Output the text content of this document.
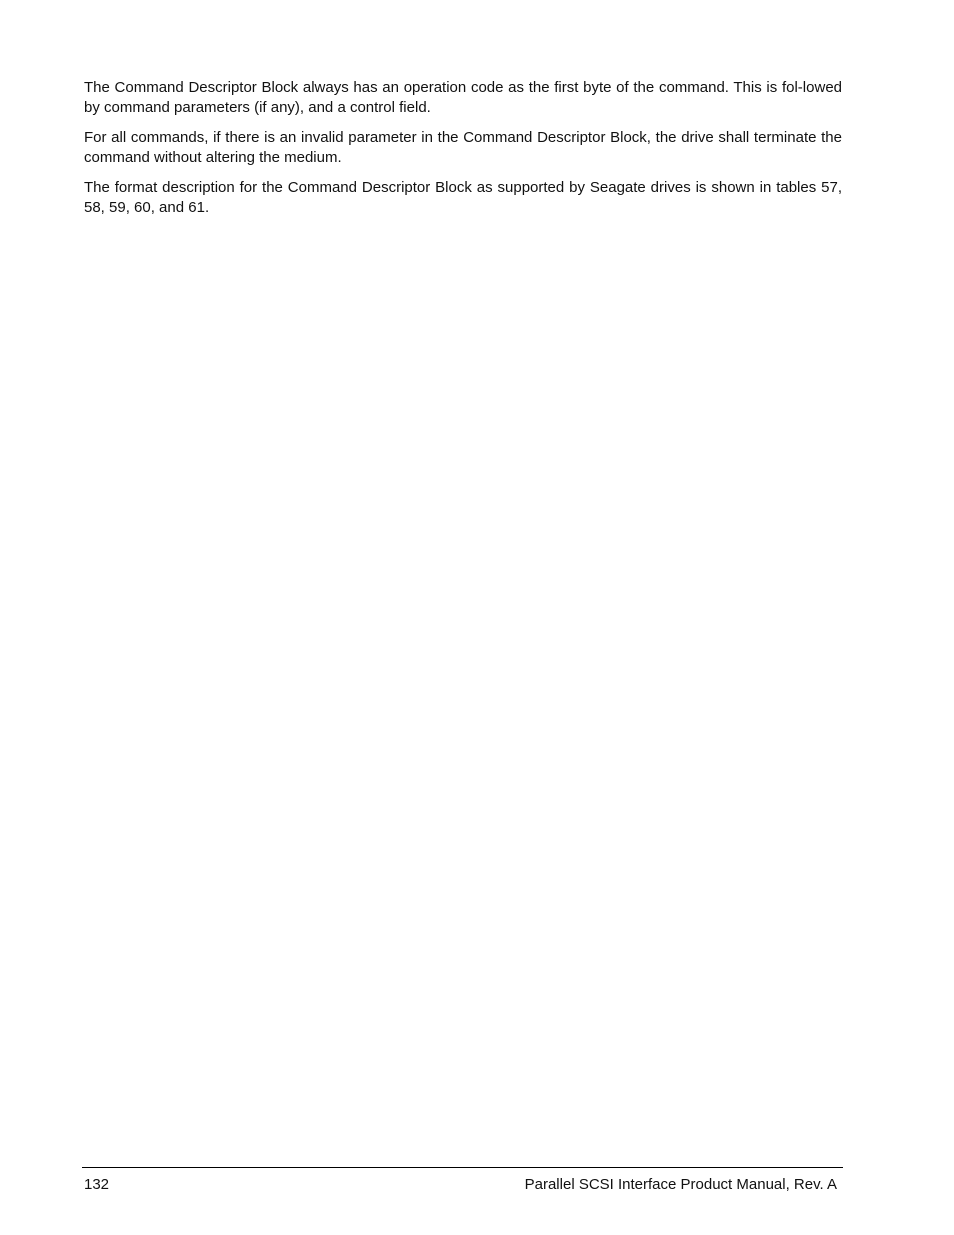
The Command Descriptor Block always has an operation code as the first byte of the command. This is fol-lowed by command parameters (if any), and a control field.

For all commands, if there is an invalid parameter in the Command Descriptor Block, the drive shall terminate the command without altering the medium.

The format description for the Command Descriptor Block as supported by Seagate drives is shown in tables 57, 58, 59, 60, and 61.

132	Parallel SCSI Interface Product Manual, Rev. A
